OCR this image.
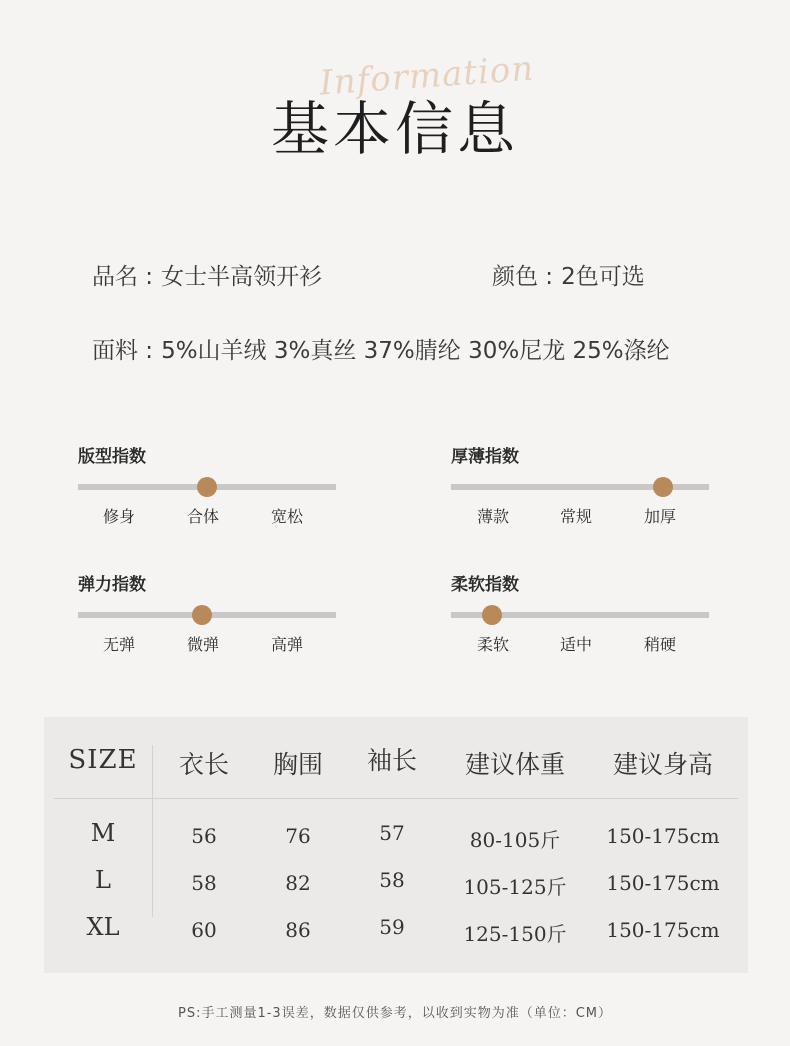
Information
基本信息
品名 : 女士半高领开衫	颜色 : 2色可选
面料 : 5%山羊绒 3%真丝 37%腈纶 30%尼龙 25%涤纶
版型指数
修身	合体	宽松
厚薄指数
薄款	常规	加厚
弹力指数
无弹	微弹	高弹
柔软指数
柔软	适中	稍硬
SIZE	衣长	胸围	袖长	建议体重	建议身高
M	56	76	57	80-105斤	150-175cm
L	58	82	58	105-125斤	150-175cm
XL	60	86	59	125-150斤	150-175cm
PS:手工测量1-3误差，数据仅供参考，以收到实物为准（单位：CM）
